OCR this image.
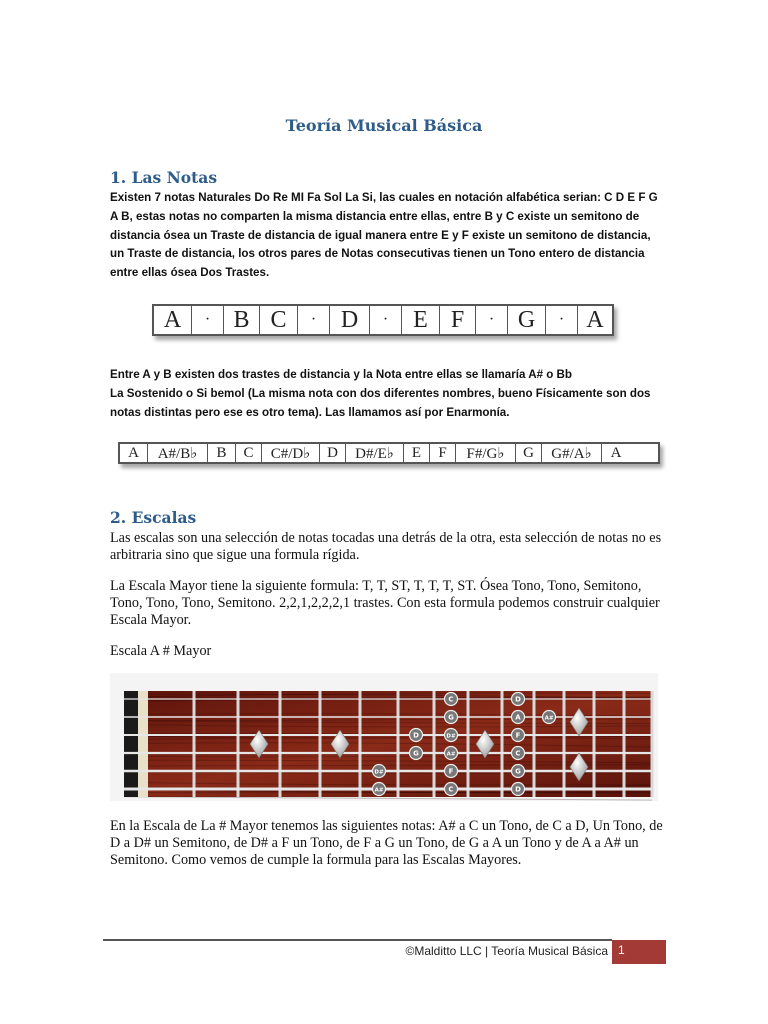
Teoría Musical Básica
1. Las Notas
Existen 7 notas Naturales Do Re MI Fa Sol La Si, las cuales en notación alfabética serian: C D E F G A B, estas notas no comparten la misma distancia entre ellas, entre B y C existe un semitono de distancia ósea un Traste de distancia de igual manera entre E y F existe un semitono de distancia, un Traste de distancia, los otros pares de Notas consecutivas tienen un Tono entero de distancia entre ellas ósea Dos Trastes.
A	· B C	·	D	·	E F	· G	· A
Entre A y B existen dos trastes de distancia y la Nota entre ellas se llamaría A# o Bb
La Sostenido o Si bemol (La misma nota con dos diferentes nombres, bueno Físicamente son dos notas distintas pero ese es otro tema). Las llamamos así por Enarmonía.
A	A#/B♭	B	C	C#/D♭	D	D#/E♭	E	F	F#/G♭	G	G#/A♭	A
2. Escalas
Las escalas son una selección de notas tocadas una detrás de la otra, esta selección de notas no es arbitraria sino que sigue una formula rígida.
La Escala Mayor tiene la siguiente formula: T, T, ST, T, T, T, ST. Ósea Tono, Tono, Semitono, Tono, Tono, Tono, Semitono. 2,2,1,2,2,2,1 trastes. Con esta formula podemos construir cualquier Escala Mayor.
Escala A # Mayor
C	D
G	A	A#
D	D#	F
G	A#	C
D#	F	G
A#	C	D
En la Escala de La # Mayor tenemos las siguientes notas: A# a C un Tono, de C a D, Un Tono, de D a D# un Semitono, de D# a F un Tono, de F a G un Tono, de G a A un Tono y de A a A# un Semitono. Como vemos de cumple la formula para las Escalas Mayores.
©Malditto LLC | Teoría Musical Básica 1
